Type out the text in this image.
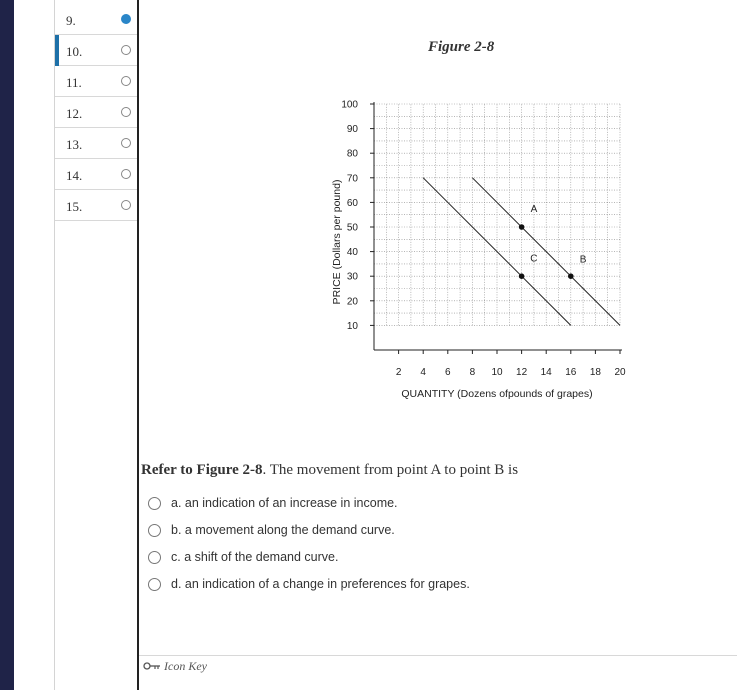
9.
10.
11.
12.
13.
14.
15.
Figure 2-8
100
90
80
70
60
50
40
30
20
10
2 4 6 8 10 12 14 16 18 20
A
C	B
PRICE (Dollars per pound)
QUANTITY (Dozens ofpounds of grapes)
Refer to Figure 2-8. The movement from point A to point B is
a. an indication of an increase in income.
b. a movement along the demand curve.
c. a shift of the demand curve.
d. an indication of a change in preferences for grapes.
Icon Key
